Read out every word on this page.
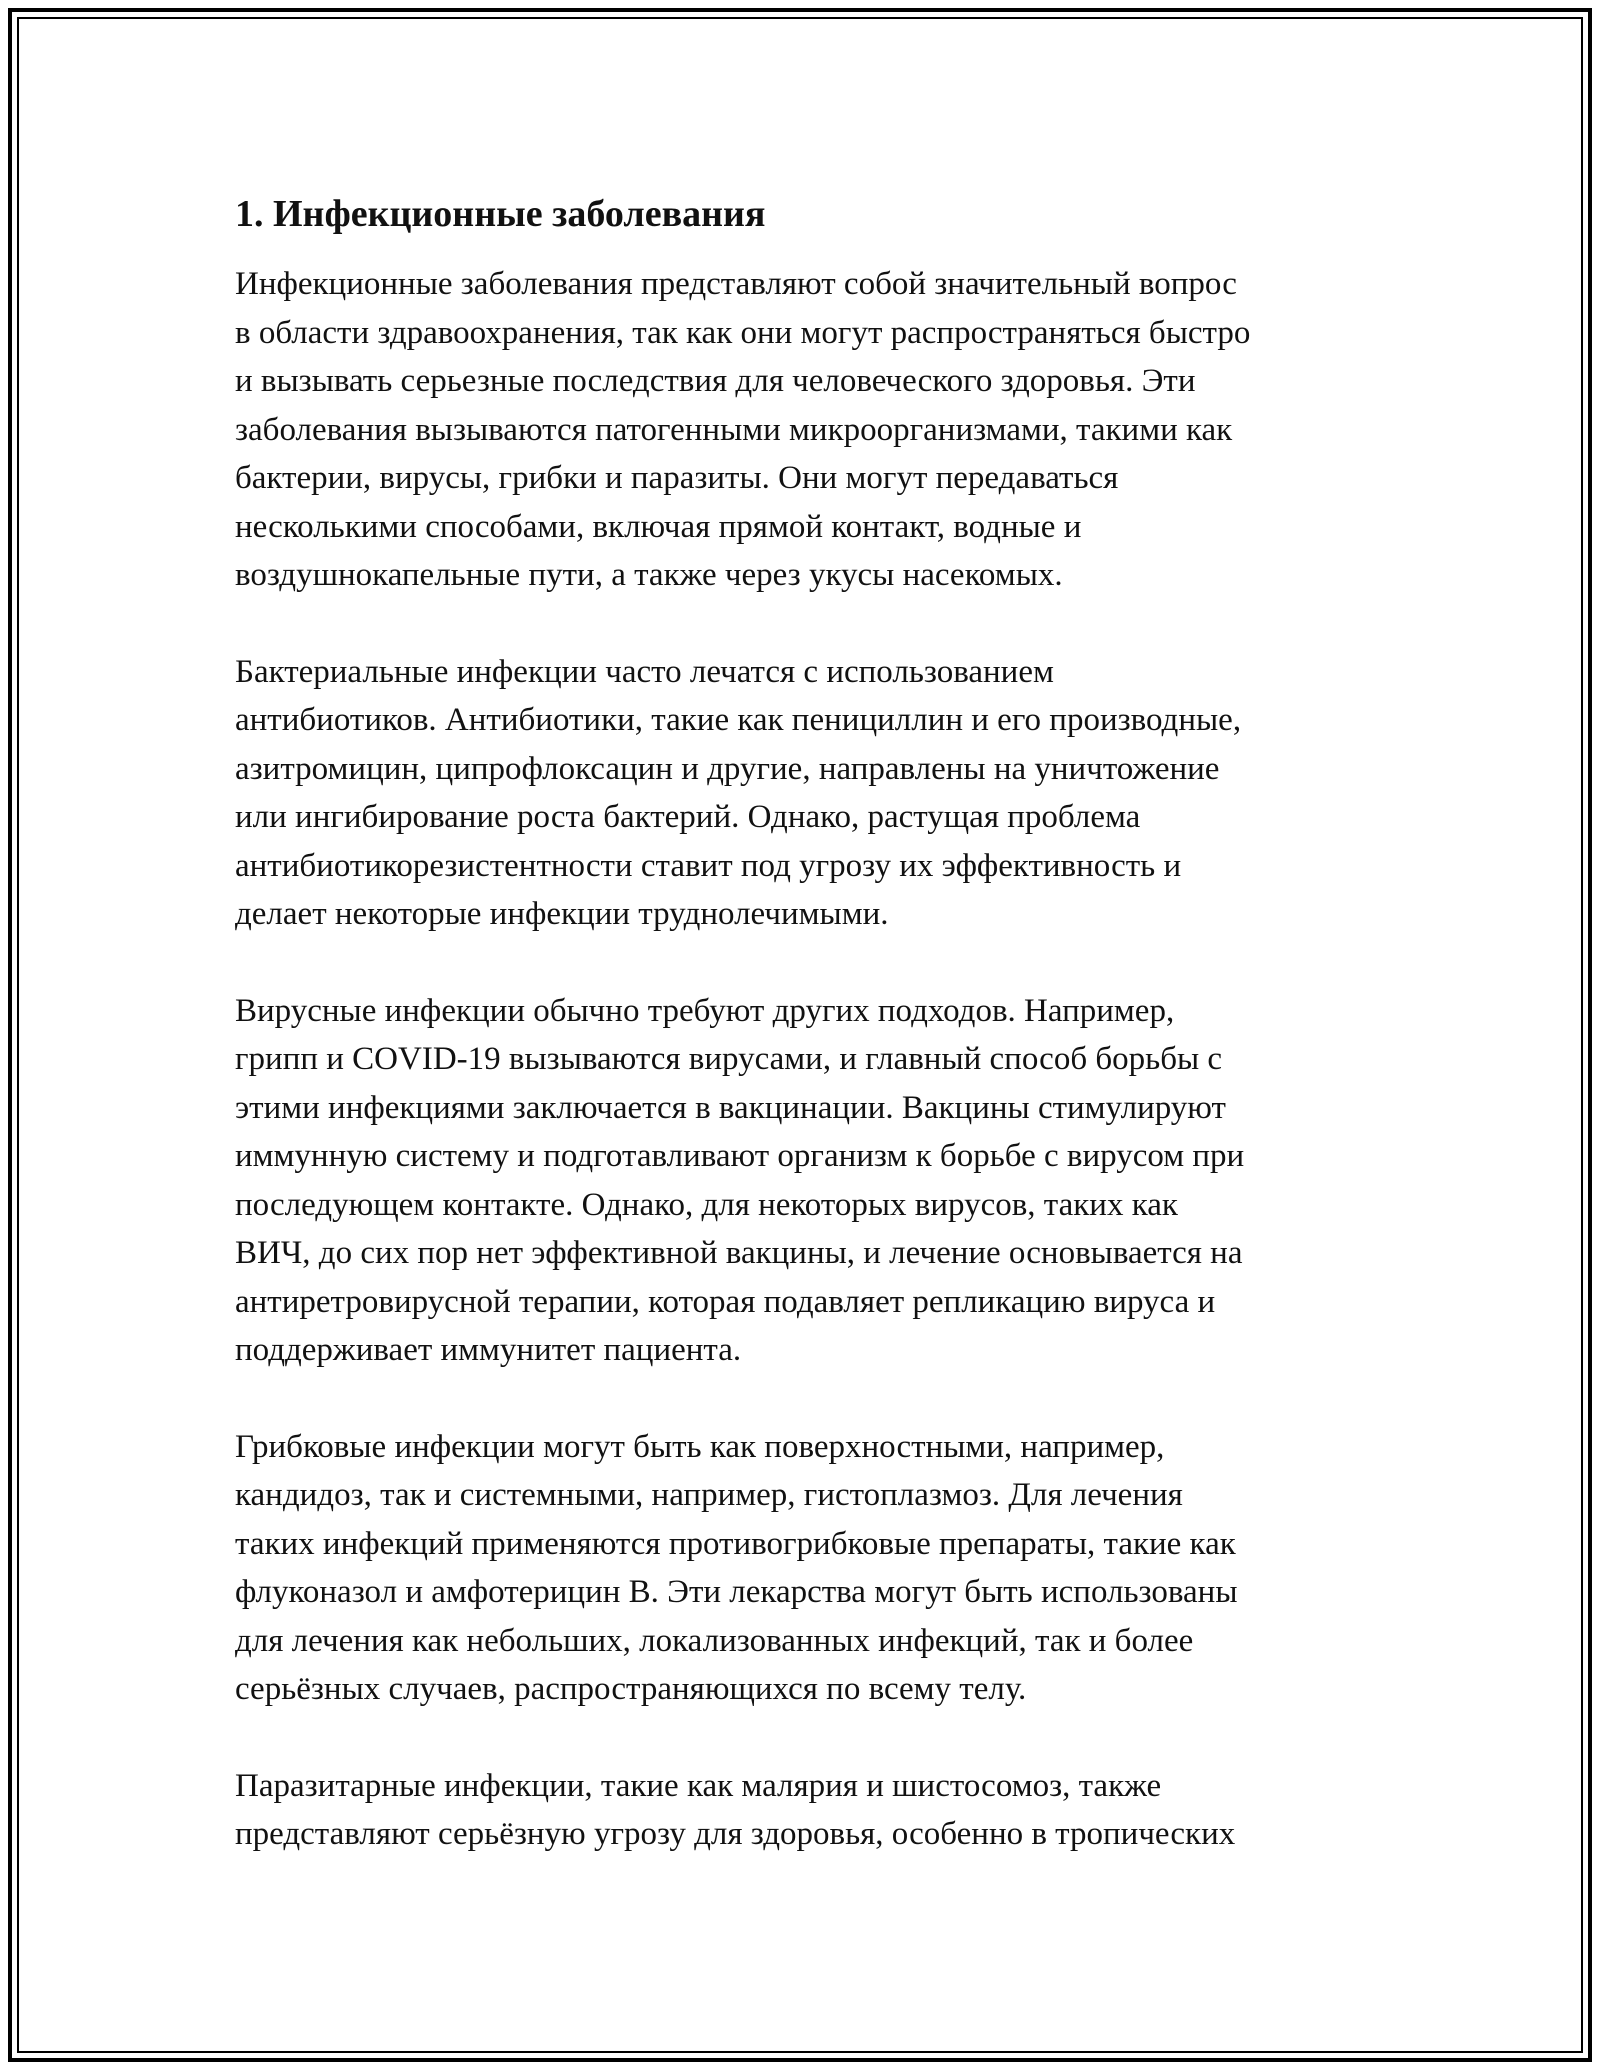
1. Инфекционные заболевания
Инфекционные заболевания представляют собой значительный вопрос
в области здравоохранения, так как они могут распространяться быстро
и вызывать серьезные последствия для человеческого здоровья. Эти
заболевания вызываются патогенными микроорганизмами, такими как
бактерии, вирусы, грибки и паразиты. Они могут передаваться
несколькими способами, включая прямой контакт, водные и
воздушнокапельные пути, а также через укусы насекомых.
Бактериальные инфекции часто лечатся с использованием
антибиотиков. Антибиотики, такие как пенициллин и его производные,
азитромицин, ципрофлоксацин и другие, направлены на уничтожение
или ингибирование роста бактерий. Однако, растущая проблема
антибиотикорезистентности ставит под угрозу их эффективность и
делает некоторые инфекции труднолечимыми.
Вирусные инфекции обычно требуют других подходов. Например,
грипп и COVID-19 вызываются вирусами, и главный способ борьбы с
этими инфекциями заключается в вакцинации. Вакцины стимулируют
иммунную систему и подготавливают организм к борьбе с вирусом при
последующем контакте. Однако, для некоторых вирусов, таких как
ВИЧ, до сих пор нет эффективной вакцины, и лечение основывается на
антиретровирусной терапии, которая подавляет репликацию вируса и
поддерживает иммунитет пациента.
Грибковые инфекции могут быть как поверхностными, например,
кандидоз, так и системными, например, гистоплазмоз. Для лечения
таких инфекций применяются противогрибковые препараты, такие как
флуконазол и амфотерицин B. Эти лекарства могут быть использованы
для лечения как небольших, локализованных инфекций, так и более
серьёзных случаев, распространяющихся по всему телу.
Паразитарные инфекции, такие как малярия и шистосомоз, также
представляют серьёзную угрозу для здоровья, особенно в тропических
